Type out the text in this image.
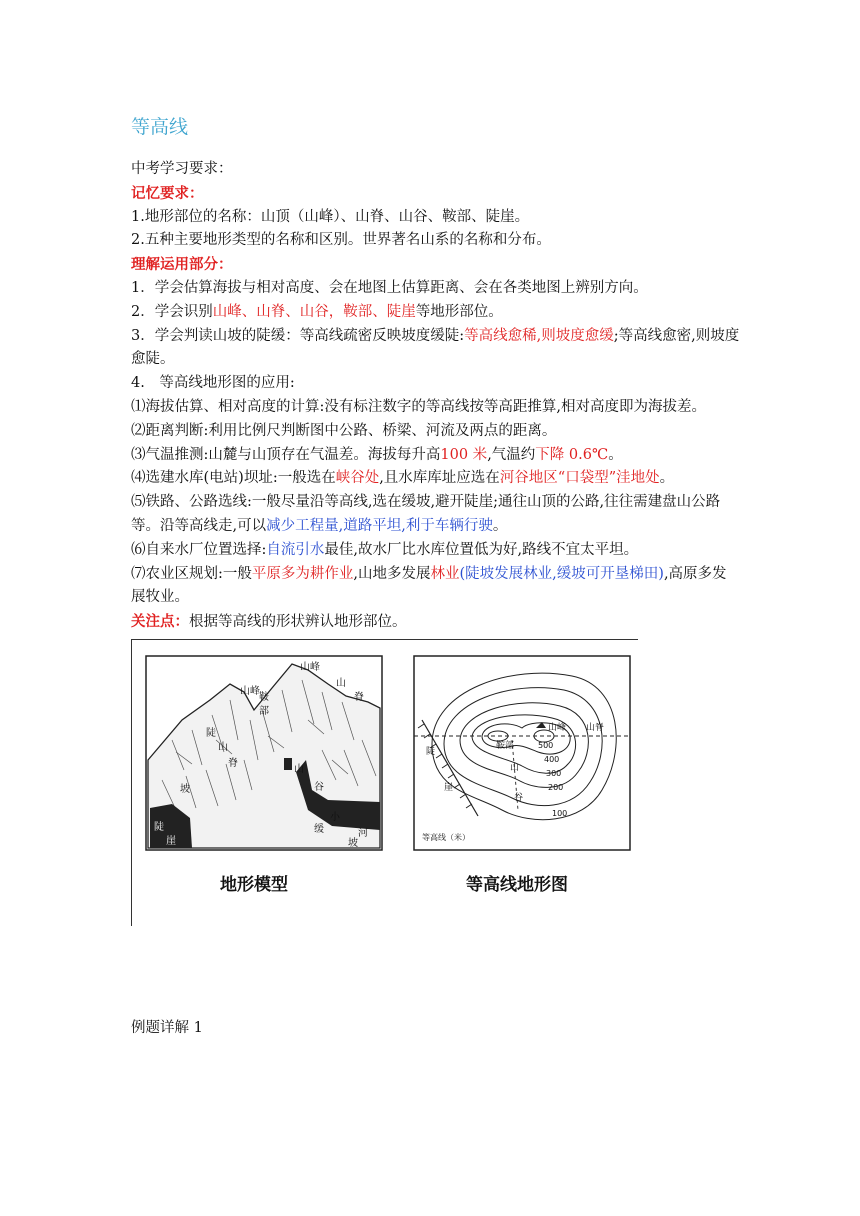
等高线

中考学习要求：

记忆要求：

1.地形部位的名称：山顶（山峰）、山脊、山谷、鞍部、陡崖。

2.五种主要地形类型的名称和区别。世界著名山系的名称和分布。

理解运用部分：

1．学会估算海拔与相对高度、会在地图上估算距离、会在各类地图上辨别方向。

2．学会识别山峰、山脊、山谷，鞍部、陡崖等地形部位。

3．学会判读山坡的陡缓：等高线疏密反映坡度缓陡:等高线愈稀,则坡度愈缓;等高线愈密,则坡度愈陡。

4.　等高线地形图的应用:

⑴海拔估算、相对高度的计算:没有标注数字的等高线按等高距推算,相对高度即为海拔差。

⑵距离判断:利用比例尺判断图中公路、桥梁、河流及两点的距离。

⑶气温推测:山麓与山顶存在气温差。海拔每升高100 米,气温约下降 0.6℃。

⑷选建水库(电站)坝址:一般选在峡谷处,且水库库址应选在河谷地区“口袋型”洼地处。

⑸铁路、公路选线:一般尽量沿等高线,选在缓坡,避开陡崖;通往山顶的公路,往往需建盘山公路等。沿等高线走,可以减少工程量,道路平坦,利于车辆行驶。

⑹自来水厂位置选择:自流引水最佳,故水厂比水库位置低为好,路线不宜太平坦。

⑺农业区规划:一般平原多为耕作业,山地多发展林业(陡坡发展林业,缓坡可开垦梯田),高原多发展牧业。

关注点：根据等高线的形状辨认地形部位。

山峰
山峰
鞍
部
山
脊
陡
山
脊
坡
山
谷
缓
小
河
坡
陡
崖
地形模型
山峰 山脊
鞍部
山
谷
陡
崖
500
400
300
200
100
等高线（米）
等高线地形图

例题详解 1
